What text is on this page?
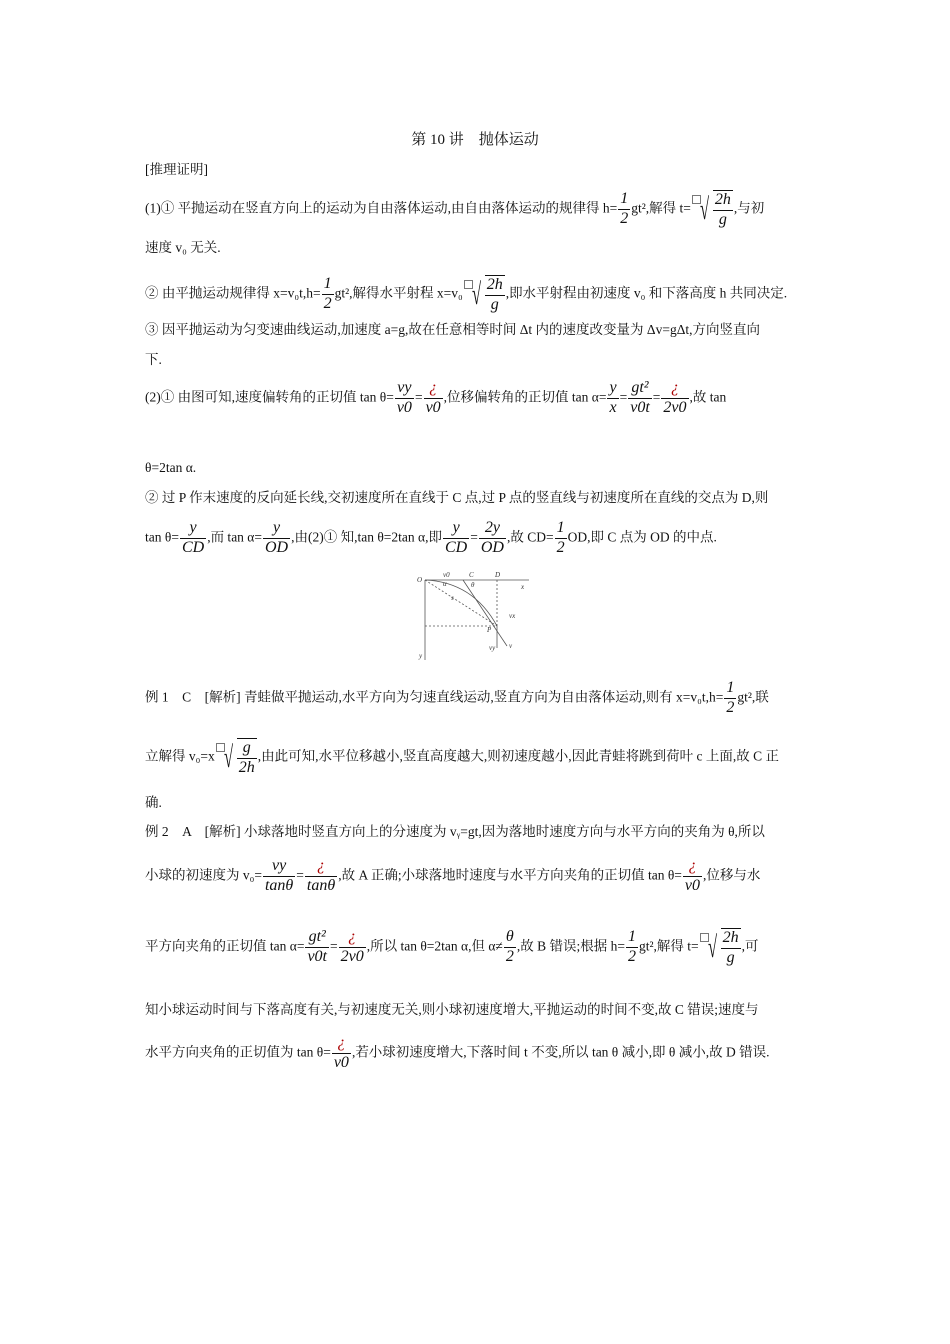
第 10 讲　抛体运动
[推理证明]
(1)① 平抛运动在竖直方向上的运动为自由落体运动,由自由落体运动的规律得 $h= \frac{1}{2} gt^2$,解得 t= √ $\frac{2h}{g}$ ,与初
速度 v₀ 无关.
② 由平抛运动规律得 $x=v_0t,h= \frac{1}{2} gt^2$,解得水平射程 x=v₀ √ $\frac{2h}{g}$ ,即水平射程由初速度 v₀ 和下落高度 h 共同决定.
③ 因平抛运动为匀变速曲线运动,加速度 a=g,故在任意相等时间 Δt 内的速度改变量为 Δv=gΔt,方向竖直向
下.
(2)① 由图可知,速度偏转角的正切值 $\tan \theta= \frac{vy}{v0} = \frac{¿}{v0}$ ,位移偏转角的正切值 $\tan \alpha= \frac{y}{x} = \frac{\text{gt²}}{v0t} = \frac{¿}{2v0}$ ,故 tan
θ=2tan α.
② 过 P 作末速度的反向延长线,交初速度所在直线于 C 点,过 P 点的竖直线与初速度所在直线的交点为 D,则
$\tan \theta= \frac{y}{CD}$ ,而 $\tan \alpha= \frac{y}{OD}$ ,由(2)① 知,tan θ=2tan α,即 $\frac{y}{CD} = \frac{2y}{OD}$ ,故 $CD= \frac{1}{2}$ OD,即 C 点为 OD 的中点.
O
v0	C	D
x
α	θ
s
P
vx
vy v
y
例 1　C　[解析] 青蛙做平抛运动,水平方向为匀速直线运动,竖直方向为自由落体运动,则有 $x=v_0t,h= \frac{1}{2} gt^2$,联
立解得 v₀=x √ $\frac{g}{2h}$ ,由此可知,水平位移越小,竖直高度越大,则初速度越小,因此青蛙将跳到荷叶 c 上面,故 C 正
确.
例 2　A　[解析] 小球落地时竖直方向上的分速度为 vᵧ=gt,因为落地时速度方向与水平方向的夹角为 θ,所以
小球的初速度为 $v_0= \frac{vy}{\tan\theta} = \frac{¿}{\tan\theta}$ ,故 A 正确;小球落地时速度与水平方向夹角的正切值 $\tan \theta= \frac{¿}{v0}$ ,位移与水
平方向夹角的正切值 $\tan \alpha= \frac{\text{gt²}}{v0t} = \frac{¿}{2v0}$ ,所以 tan θ=2tan α,但 $\alpha\ne \frac{\theta}{2}$ ,故 B 错误;根据 $h= \frac{1}{2} gt^2$,解得 t= √ $\frac{2h}{g}$ ,可
知小球运动时间与下落高度有关,与初速度无关,则小球初速度增大,平抛运动的时间不变,故 C 错误;速度与
水平方向夹角的正切值为 $\tan \theta= \frac{¿}{v0}$ ,若小球初速度增大,下落时间 t 不变,所以 tan θ 减小,即 θ 减小,故 D 错误.
